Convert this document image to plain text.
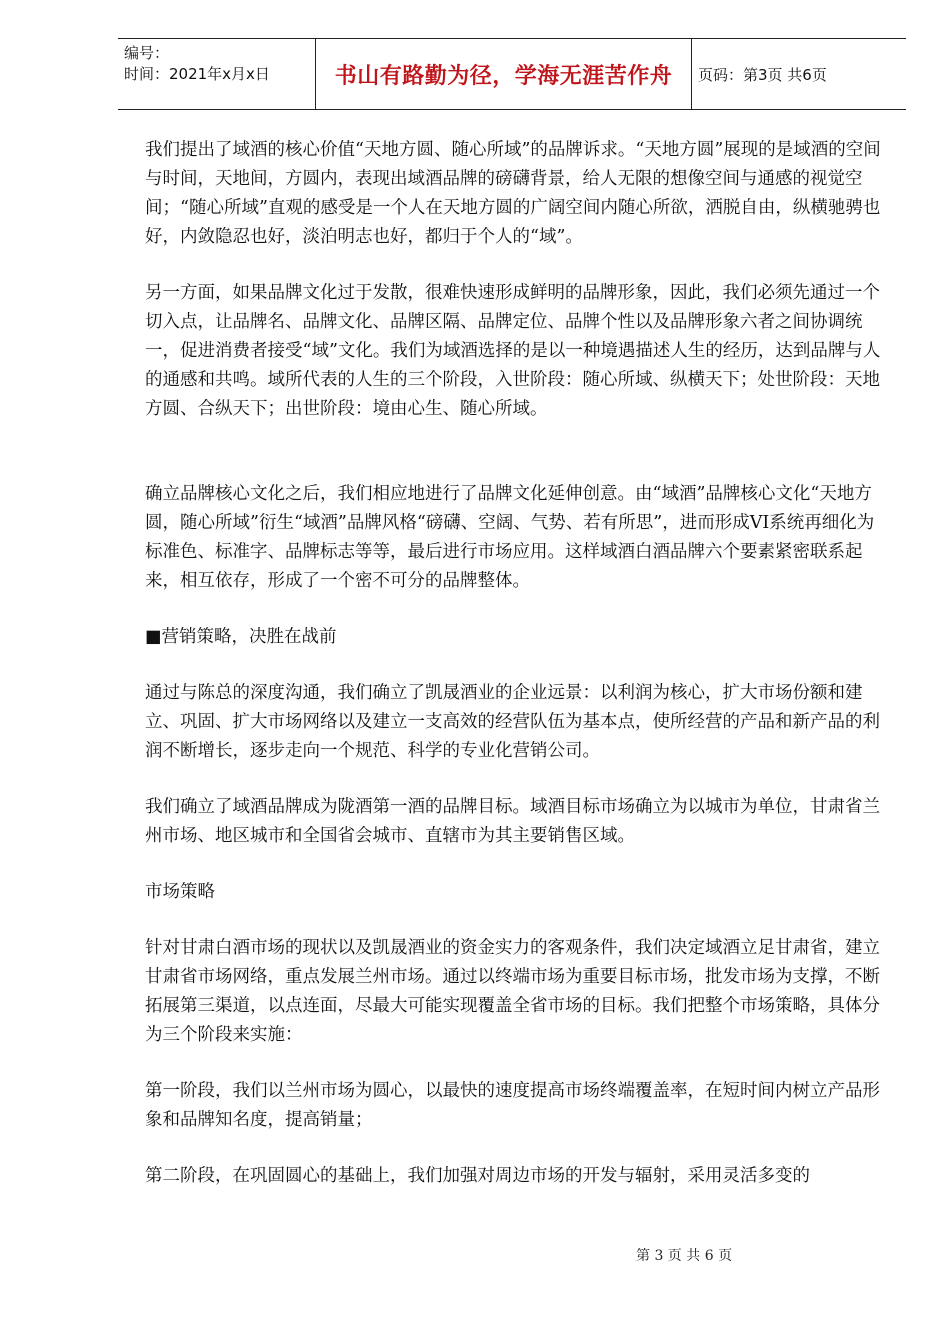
编号：
时间：2021年x月x日	书山有路勤为径，学海无涯苦作舟	页码：第3页 共6页

我们提出了域酒的核心价值“天地方圆、随心所域”的品牌诉求。“天地方圆”展现的是域酒的空间与时间，天地间，方圆内，表现出域酒品牌的磅礴背景，给人无限的想像空间与通感的视觉空间；“随心所域”直观的感受是一个人在天地方圆的广阔空间内随心所欲，洒脱自由，纵横驰骋也好，内敛隐忍也好，淡泊明志也好，都归于个人的“域”。

另一方面，如果品牌文化过于发散，很难快速形成鲜明的品牌形象，因此，我们必须先通过一个切入点，让品牌名、品牌文化、品牌区隔、品牌定位、品牌个性以及品牌形象六者之间协调统一，促进消费者接受“域”文化。我们为域酒选择的是以一种境遇描述人生的经历，达到品牌与人的通感和共鸣。域所代表的人生的三个阶段，入世阶段：随心所域、纵横天下；处世阶段：天地方圆、合纵天下；出世阶段：境由心生、随心所域。

确立品牌核心文化之后，我们相应地进行了品牌文化延伸创意。由“域酒”品牌核心文化“天地方圆，随心所域”衍生“域酒”品牌风格“磅礴、空阔、气势、若有所思”，进而形成VI系统再细化为标准色、标准字、品牌标志等等，最后进行市场应用。这样域酒白酒品牌六个要素紧密联系起来，相互依存，形成了一个密不可分的品牌整体。

■营销策略，决胜在战前

通过与陈总的深度沟通，我们确立了凯晟酒业的企业远景：以利润为核心，扩大市场份额和建立、巩固、扩大市场网络以及建立一支高效的经营队伍为基本点，使所经营的产品和新产品的利润不断增长，逐步走向一个规范、科学的专业化营销公司。

我们确立了域酒品牌成为陇酒第一酒的品牌目标。域酒目标市场确立为以城市为单位，甘肃省兰州市场、地区城市和全国省会城市、直辖市为其主要销售区域。

市场策略

针对甘肃白酒市场的现状以及凯晟酒业的资金实力的客观条件，我们决定域酒立足甘肃省，建立甘肃省市场网络，重点发展兰州市场。通过以终端市场为重要目标市场，批发市场为支撑，不断拓展第三渠道，以点连面，尽最大可能实现覆盖全省市场的目标。我们把整个市场策略，具体分为三个阶段来实施：

第一阶段，我们以兰州市场为圆心，以最快的速度提高市场终端覆盖率，在短时间内树立产品形象和品牌知名度，提高销量；

第二阶段，在巩固圆心的基础上，我们加强对周边市场的开发与辐射，采用灵活多变的

第 3 页 共 6 页
